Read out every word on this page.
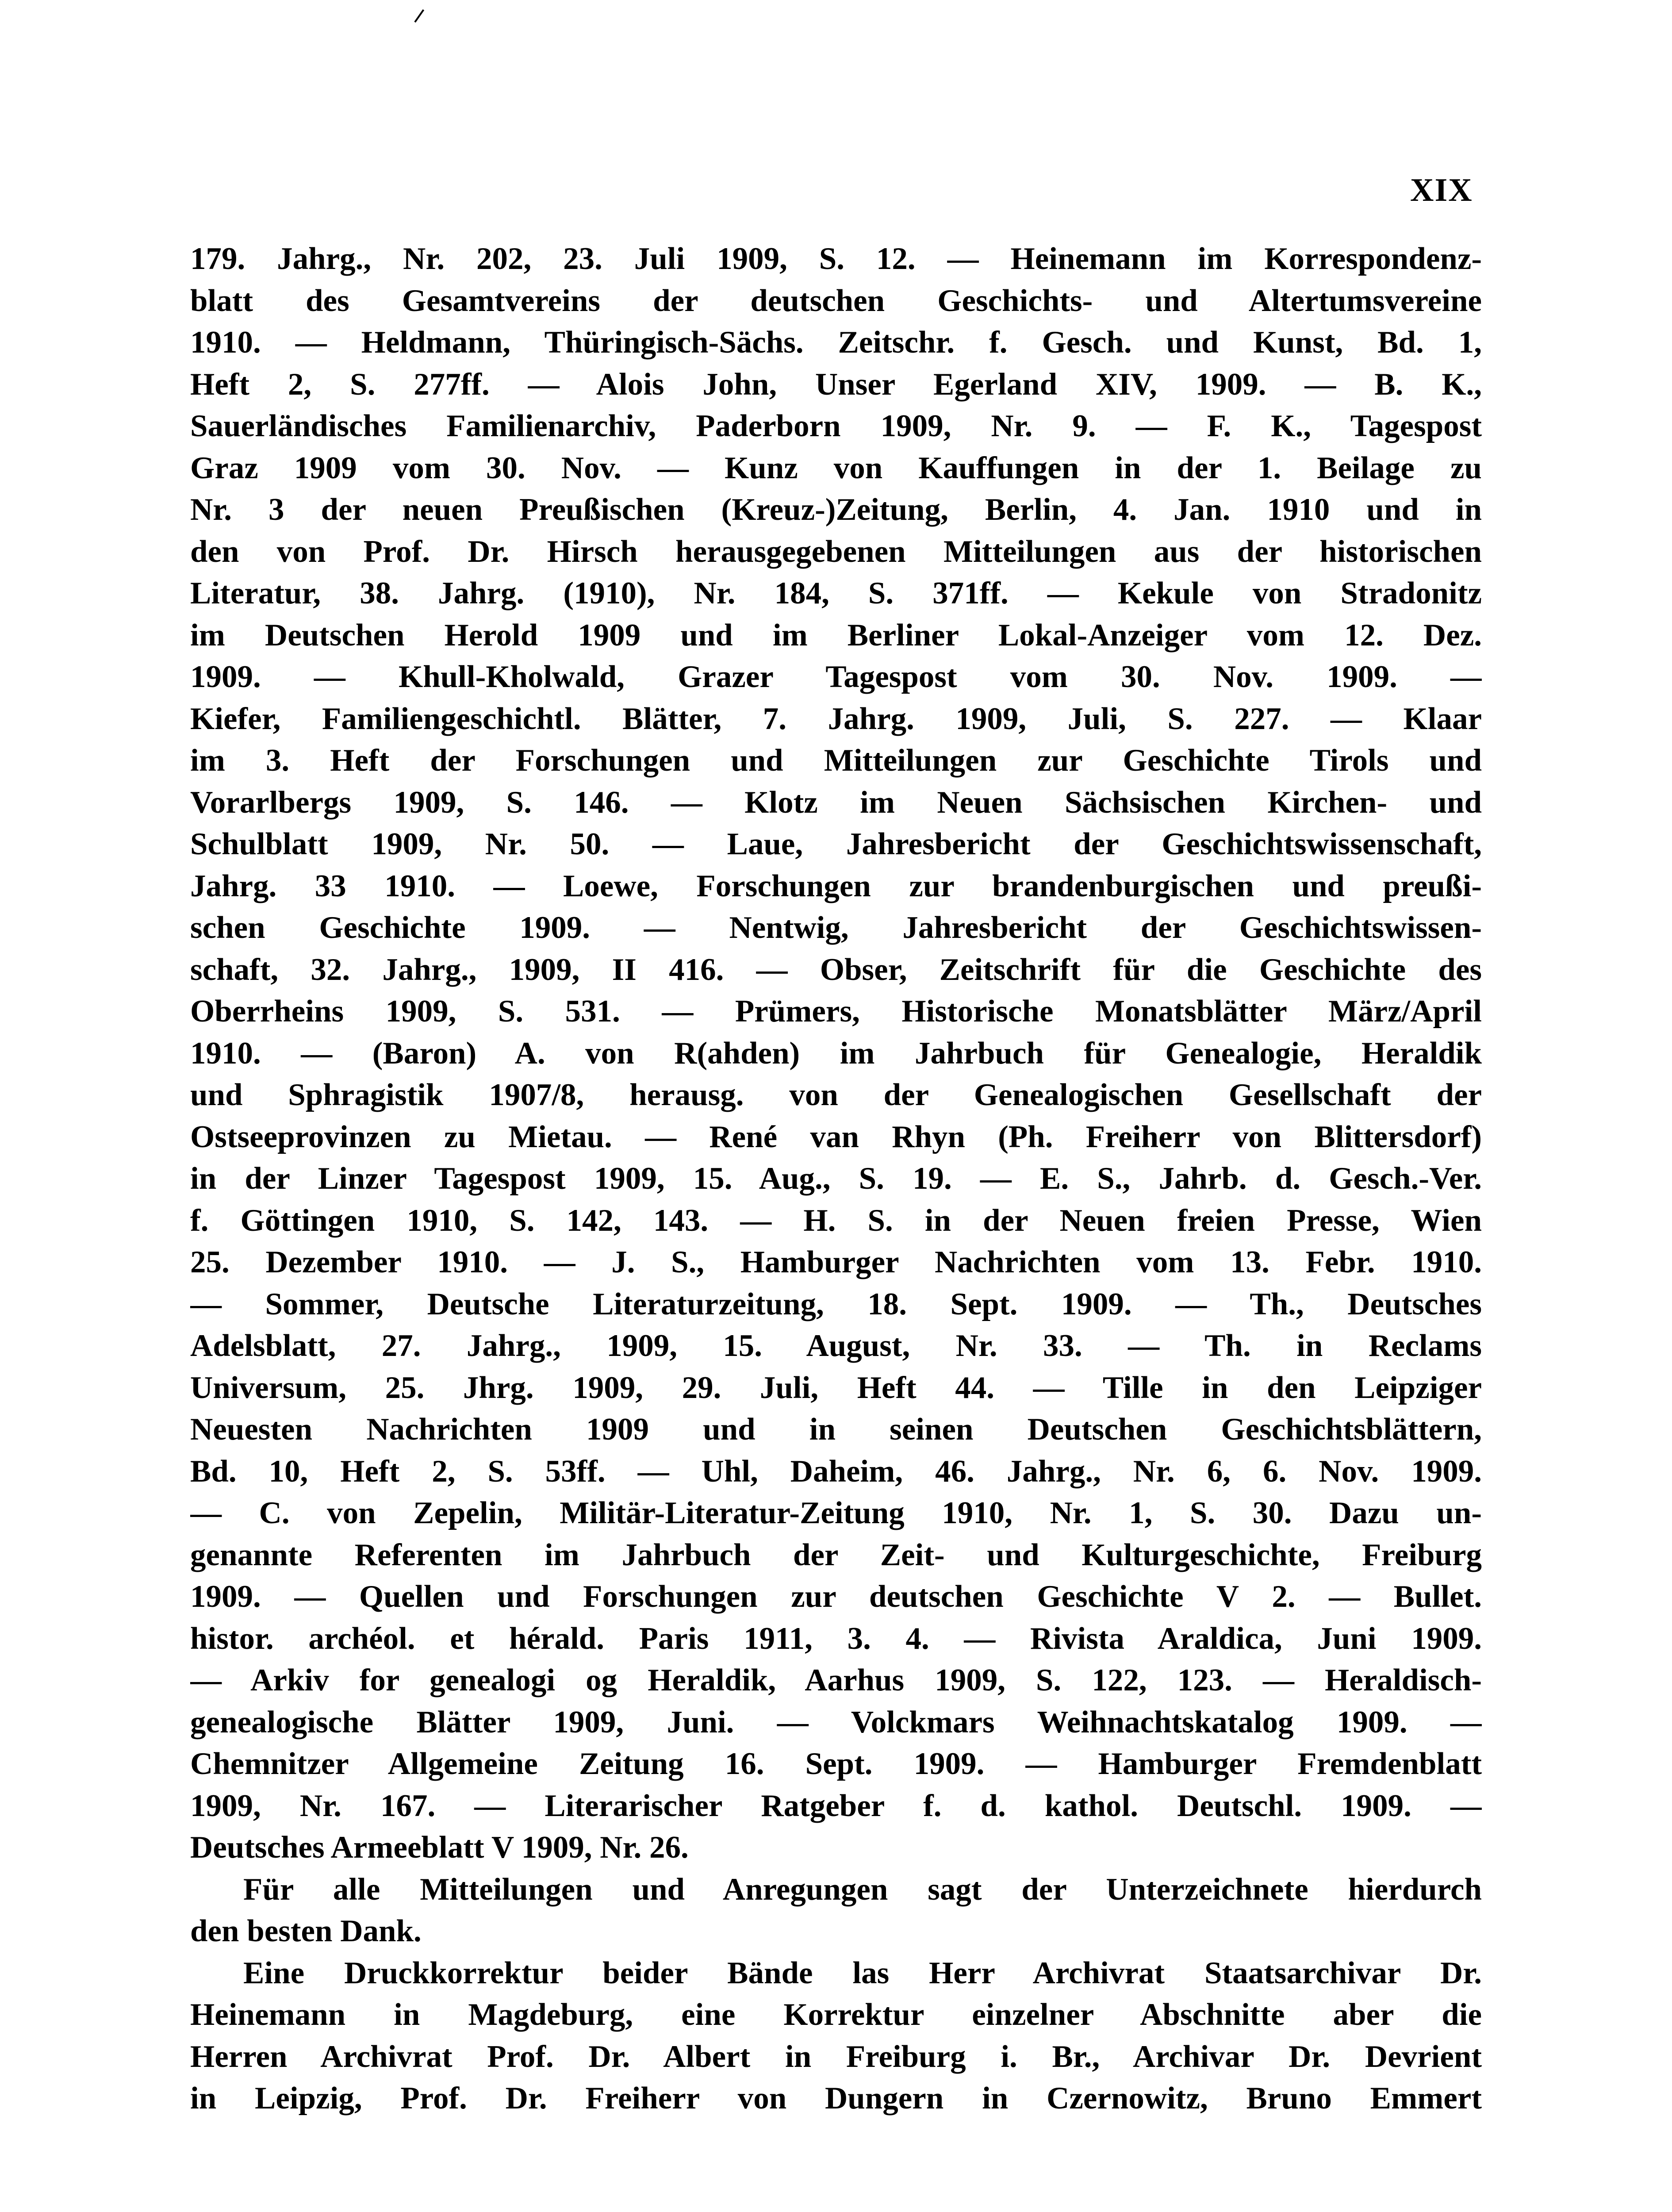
XIX
179. Jahrg., Nr. 202, 23. Juli 1909, S. 12. — Heinemann im Korrespondenz-
blatt des Gesamtvereins der deutschen Geschichts- und Altertumsvereine
1910. — Heldmann, Thüringisch-Sächs. Zeitschr. f. Gesch. und Kunst, Bd. 1,
Heft 2, S. 277ff. — Alois John, Unser Egerland XIV, 1909. — B. K.,
Sauerländisches Familienarchiv, Paderborn 1909, Nr. 9. — F. K., Tagespost
Graz 1909 vom 30. Nov. — Kunz von Kauffungen in der 1. Beilage zu
Nr. 3 der neuen Preußischen (Kreuz-)Zeitung, Berlin, 4. Jan. 1910 und in
den von Prof. Dr. Hirsch herausgegebenen Mitteilungen aus der historischen
Literatur, 38. Jahrg. (1910), Nr. 184, S. 371ff. — Kekule von Stradonitz
im Deutschen Herold 1909 und im Berliner Lokal-Anzeiger vom 12. Dez.
1909. — Khull-Kholwald, Grazer Tagespost vom 30. Nov. 1909. —
Kiefer, Familiengeschichtl. Blätter, 7. Jahrg. 1909, Juli, S. 227. — Klaar
im 3. Heft der Forschungen und Mitteilungen zur Geschichte Tirols und
Vorarlbergs 1909, S. 146. — Klotz im Neuen Sächsischen Kirchen- und
Schulblatt 1909, Nr. 50. — Laue, Jahresbericht der Geschichtswissenschaft,
Jahrg. 33 1910. — Loewe, Forschungen zur brandenburgischen und preußi-
schen Geschichte 1909. — Nentwig, Jahresbericht der Geschichtswissen-
schaft, 32. Jahrg., 1909, II 416. — Obser, Zeitschrift für die Geschichte des
Oberrheins 1909, S. 531. — Prümers, Historische Monatsblätter März/April
1910. — (Baron) A. von R(ahden) im Jahrbuch für Genealogie, Heraldik
und Sphragistik 1907/8, herausg. von der Genealogischen Gesellschaft der
Ostseeprovinzen zu Mietau. — René van Rhyn (Ph. Freiherr von Blittersdorf)
in der Linzer Tagespost 1909, 15. Aug., S. 19. — E. S., Jahrb. d. Gesch.-Ver.
f. Göttingen 1910, S. 142, 143. — H. S. in der Neuen freien Presse, Wien
25. Dezember 1910. — J. S., Hamburger Nachrichten vom 13. Febr. 1910.
— Sommer, Deutsche Literaturzeitung, 18. Sept. 1909. — Th., Deutsches
Adelsblatt, 27. Jahrg., 1909, 15. August, Nr. 33. — Th. in Reclams
Universum, 25. Jhrg. 1909, 29. Juli, Heft 44. — Tille in den Leipziger
Neuesten Nachrichten 1909 und in seinen Deutschen Geschichtsblättern,
Bd. 10, Heft 2, S. 53ff. — Uhl, Daheim, 46. Jahrg., Nr. 6, 6. Nov. 1909.
— C. von Zepelin, Militär-Literatur-Zeitung 1910, Nr. 1, S. 30. Dazu un-
genannte Referenten im Jahrbuch der Zeit- und Kulturgeschichte, Freiburg
1909. — Quellen und Forschungen zur deutschen Geschichte V 2. — Bullet.
histor. archéol. et hérald. Paris 1911, 3. 4. — Rivista Araldica, Juni 1909.
— Arkiv for genealogi og Heraldik, Aarhus 1909, S. 122, 123. — Heraldisch-
genealogische Blätter 1909, Juni. — Volckmars Weihnachtskatalog 1909. —
Chemnitzer Allgemeine Zeitung 16. Sept. 1909. — Hamburger Fremdenblatt
1909, Nr. 167. — Literarischer Ratgeber f. d. kathol. Deutschl. 1909. —
Deutsches Armeeblatt V 1909, Nr. 26.
Für alle Mitteilungen und Anregungen sagt der Unterzeichnete hierdurch
den besten Dank.
Eine Druckkorrektur beider Bände las Herr Archivrat Staatsarchivar Dr.
Heinemann in Magdeburg, eine Korrektur einzelner Abschnitte aber die
Herren Archivrat Prof. Dr. Albert in Freiburg i. Br., Archivar Dr. Devrient
in Leipzig, Prof. Dr. Freiherr von Dungern in Czernowitz, Bruno Emmert
